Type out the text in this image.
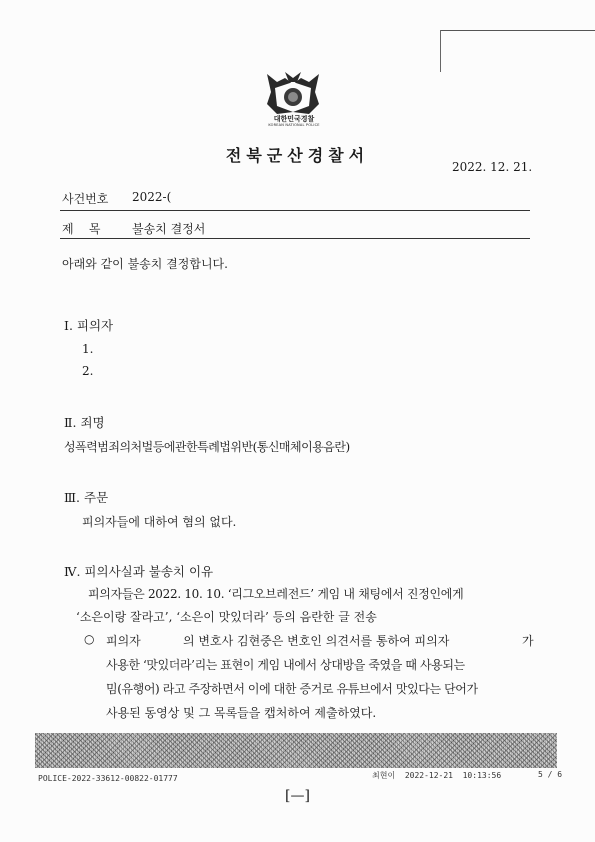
대한민국경찰
KOREAN NATIONAL POLICE
전북군산경찰서
2022. 12. 21.
사건번호 2022-(
제    목	불송치 결정서
아래와 같이 불송치 결정합니다.
Ⅰ. 피의자
1.
2.
Ⅱ. 죄명
성폭력범죄의처벌등에관한특례법위반(통신매체이용음란)
Ⅲ. 주문
피의자들에 대하여 혐의 없다.
Ⅳ. 피의사실과 불송치 이유
피의자들은 2022. 10. 10. ‘리그오브레전드’ 게임 내 채팅에서 진정인에게
‘소은이랑 잘라고’, ‘소은이 맛있더라’ 등의 음란한 글 전송
○ 피의자	의 변호사 김현중은 변호인 의견서를 통하여 피의자	가
사용한 ‘맛있더라’리는 표현이 게임 내에서 상대방을 죽였을 때 사용되는
밈(유행어) 라고 주장하면서 이에 대한 증거로 유튜브에서 맛있다는 단어가
사용된 동영상 및 그 목록들을 캡처하여 제출하였다.
POLICE-2022-33612-00822-01777	최현이  2022-12-21  10:13:56	5 / 6
[—]
